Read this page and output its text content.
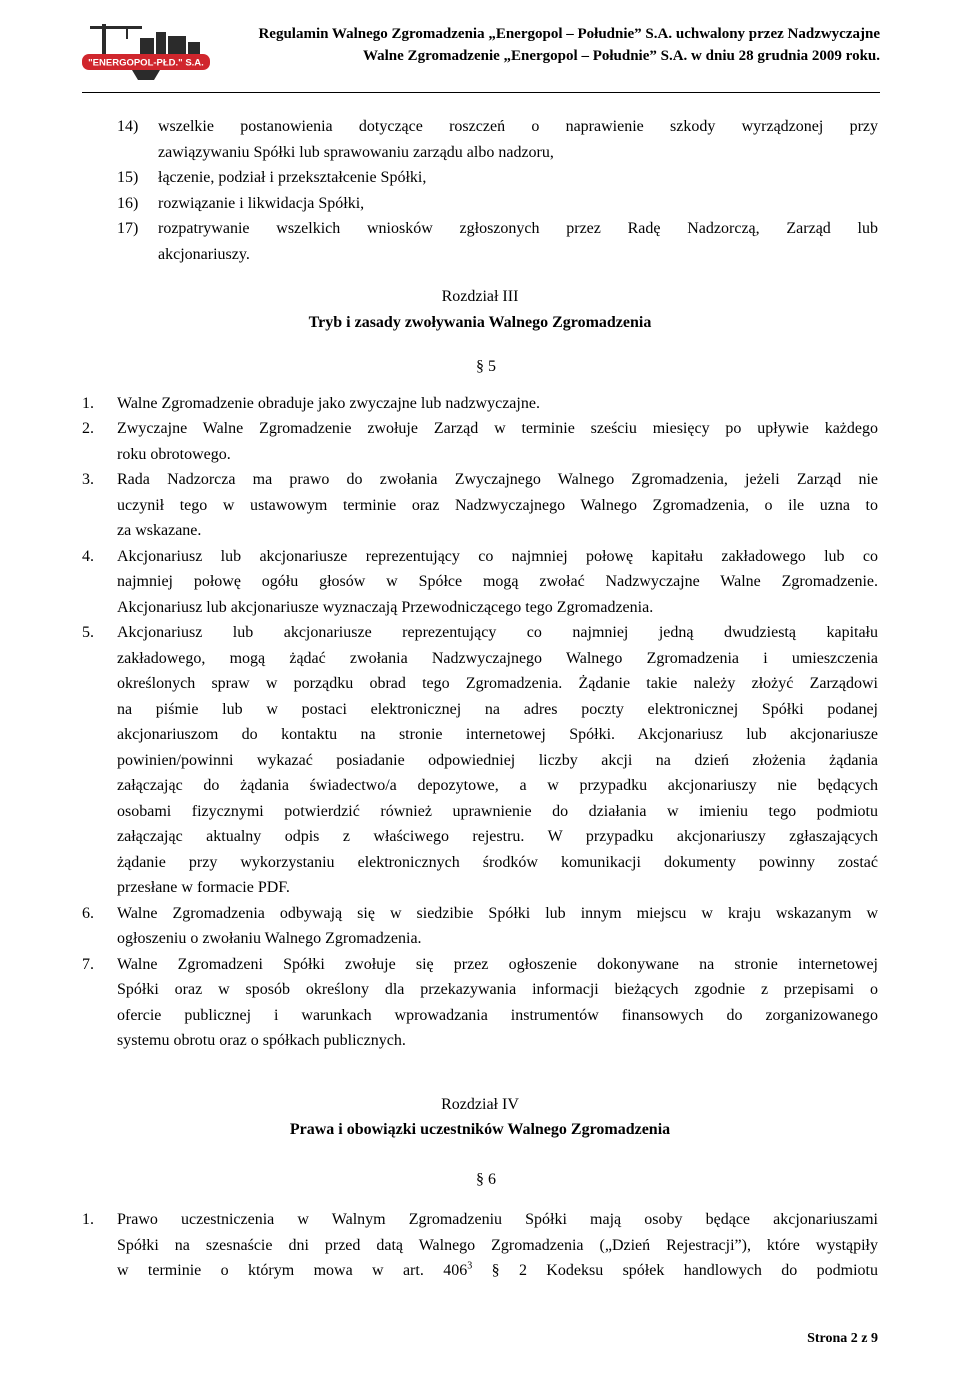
"ENERGOPOL-PŁD." S.A.
Regulamin Walnego Zgromadzenia „Energopol – Południe” S.A. uchwalony przez Nadzwyczajne
Walne Zgromadzenie „Energopol – Południe” S.A. w dniu 28 grudnia 2009 roku.
14) wszelkie postanowienia dotyczące roszczeń o naprawienie szkody wyrządzonej przy

zawiązywaniu Spółki lub sprawowaniu zarządu albo nadzoru,

15) łączenie, podział i przekształcenie Spółki,

16) rozwiązanie i likwidacja Spółki,

17) rozpatrywanie wszelkich wniosków zgłoszonych przez Radę Nadzorczą, Zarząd lub

akcjonariuszy.

Rozdział III
Tryb i zasady zwoływania Walnego Zgromadzenia
§ 5
1. Walne Zgromadzenie obraduje jako zwyczajne lub nadzwyczajne.

2. Zwyczajne Walne Zgromadzenie zwołuje Zarząd w terminie sześciu miesięcy po upływie każdego

roku obrotowego.

3. Rada Nadzorcza ma prawo do zwołania Zwyczajnego Walnego Zgromadzenia, jeżeli Zarząd nie

uczynił tego w ustawowym terminie oraz Nadzwyczajnego Walnego Zgromadzenia, o ile uzna to

za wskazane.

4. Akcjonariusz lub akcjonariusze reprezentujący co najmniej połowę kapitału zakładowego lub co

najmniej połowę ogółu głosów w Spółce mogą zwołać Nadzwyczajne Walne Zgromadzenie.

Akcjonariusz lub akcjonariusze wyznaczają Przewodniczącego tego Zgromadzenia.

5. Akcjonariusz lub akcjonariusze reprezentujący co najmniej jedną dwudziestą kapitału

zakładowego, mogą żądać zwołania Nadzwyczajnego Walnego Zgromadzenia i umieszczenia

określonych spraw w porządku obrad tego Zgromadzenia. Żądanie takie należy złożyć Zarządowi

na piśmie lub w postaci elektronicznej na adres poczty elektronicznej Spółki podanej

akcjonariuszom do kontaktu na stronie internetowej Spółki. Akcjonariusz lub akcjonariusze

powinien/powinni wykazać posiadanie odpowiedniej liczby akcji na dzień złożenia żądania

załączając do żądania świadectwo/a depozytowe, a w przypadku akcjonariuszy nie będących

osobami fizycznymi potwierdzić również uprawnienie do działania w imieniu tego podmiotu

załączając aktualny odpis z właściwego rejestru. W przypadku akcjonariuszy zgłaszających

żądanie przy wykorzystaniu elektronicznych środków komunikacji dokumenty powinny zostać

przesłane w formacie PDF.

6. Walne Zgromadzenia odbywają się w siedzibie Spółki lub innym miejscu w kraju wskazanym w

ogłoszeniu o zwołaniu Walnego Zgromadzenia.

7. Walne Zgromadzeni Spółki zwołuje się przez ogłoszenie dokonywane na stronie internetowej

Spółki oraz w sposób określony dla przekazywania informacji bieżących zgodnie z przepisami o

ofercie publicznej i warunkach wprowadzania instrumentów finansowych do zorganizowanego

systemu obrotu oraz o spółkach publicznych.

Rozdział IV
Prawa i obowiązki uczestników Walnego Zgromadzenia
§ 6
1. Prawo uczestniczenia w Walnym Zgromadzeniu Spółki mają osoby będące akcjonariuszami

Spółki na szesnaście dni przed datą Walnego Zgromadzenia („Dzień Rejestracji”), które wystąpiły

w terminie o którym mowa w art. $406^3$ § 2 Kodeksu spółek handlowych do podmiotu

Strona 2 z 9
